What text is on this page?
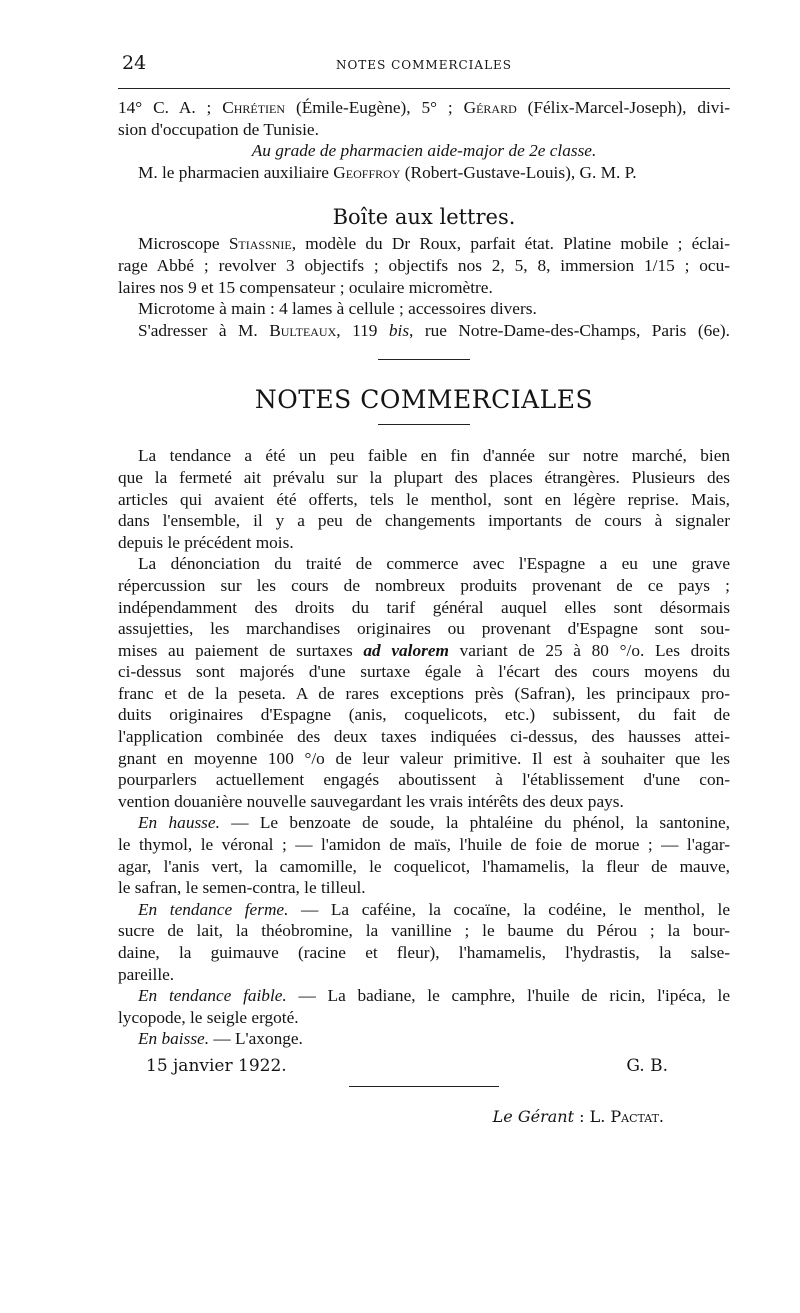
24	NOTES COMMERCIALES
14° C. A. ; Chrétien (Émile-Eugène), 5° ; Gérard (Félix-Marcel-Joseph), divi-
sion d'occupation de Tunisie.
Au grade de pharmacien aide-major de 2e classe.
M. le pharmacien auxiliaire Geoffroy (Robert-Gustave-Louis), G. M. P.
Boîte aux lettres.
Microscope Stiassnie, modèle du Dr Roux, parfait état. Platine mobile ; éclai-
rage Abbé ; revolver 3 objectifs ; objectifs nos 2, 5, 8, immersion 1/15 ; ocu-
laires nos 9 et 15 compensateur ; oculaire micromètre.
Microtome à main : 4 lames à cellule ; accessoires divers.
S'adresser à M. Bulteaux, 119 bis, rue Notre-Dame-des-Champs, Paris (6e).
NOTES COMMERCIALES
La tendance a été un peu faible en fin d'année sur notre marché, bien
que la fermeté ait prévalu sur la plupart des places étrangères. Plusieurs des
articles qui avaient été offerts, tels le menthol, sont en légère reprise. Mais,
dans l'ensemble, il y a peu de changements importants de cours à signaler
depuis le précédent mois.
La dénonciation du traité de commerce avec l'Espagne a eu une grave
répercussion sur les cours de nombreux produits provenant de ce pays ;
indépendamment des droits du tarif général auquel elles sont désormais
assujetties, les marchandises originaires ou provenant d'Espagne sont sou-
mises au paiement de surtaxes ad valorem variant de 25 à 80 °/o. Les droits
ci-dessus sont majorés d'une surtaxe égale à l'écart des cours moyens du
franc et de la peseta. A de rares exceptions près (Safran), les principaux pro-
duits originaires d'Espagne (anis, coquelicots, etc.) subissent, du fait de
l'application combinée des deux taxes indiquées ci-dessus, des hausses attei-
gnant en moyenne 100 °/o de leur valeur primitive. Il est à souhaiter que les
pourparlers actuellement engagés aboutissent à l'établissement d'une con-
vention douanière nouvelle sauvegardant les vrais intérêts des deux pays.
En hausse. — Le benzoate de soude, la phtaléine du phénol, la santonine,
le thymol, le véronal ; — l'amidon de maïs, l'huile de foie de morue ; — l'agar-
agar, l'anis vert, la camomille, le coquelicot, l'hamamelis, la fleur de mauve,
le safran, le semen-contra, le tilleul.
En tendance ferme. — La caféine, la cocaïne, la codéine, le menthol, le
sucre de lait, la théobromine, la vanilline ; le baume du Pérou ; la bour-
daine, la guimauve (racine et fleur), l'hamamelis, l'hydrastis, la salse-
pareille.
En tendance faible. — La badiane, le camphre, l'huile de ricin, l'ipéca, le
lycopode, le seigle ergoté.
En baisse. — L'axonge.
15 janvier 1922.	G. B.
Le Gérant : L. Pactat.
